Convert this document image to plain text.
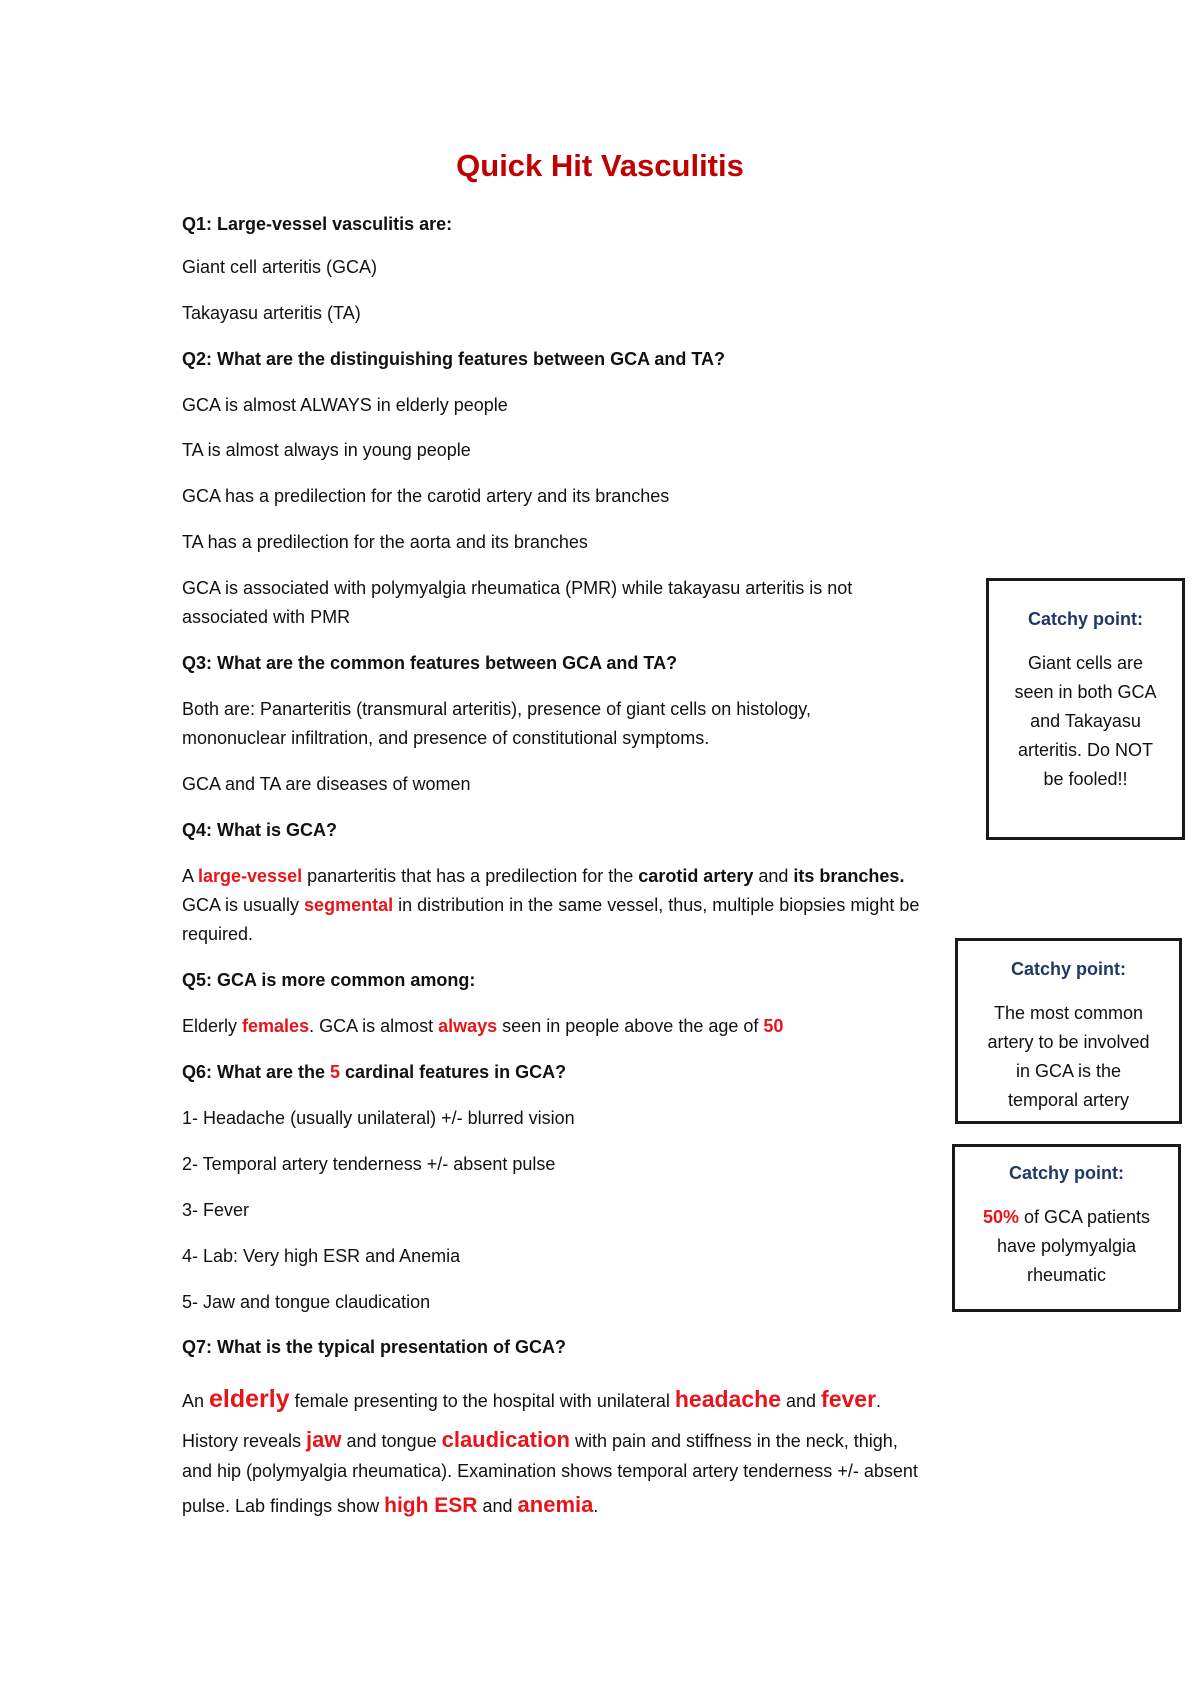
Quick Hit Vasculitis
Q1: Large-vessel vasculitis are:
Giant cell arteritis (GCA)
Takayasu arteritis (TA)
Q2: What are the distinguishing features between GCA and TA?
GCA is almost ALWAYS in elderly people
TA is almost always in young people
GCA has a predilection for the carotid artery and its branches
TA has a predilection for the aorta and its branches
GCA is associated with polymyalgia rheumatica (PMR) while takayasu arteritis is not
associated with PMR
Q3: What are the common features between GCA and TA?
Both are: Panarteritis (transmural arteritis), presence of giant cells on histology,
mononuclear infiltration, and presence of constitutional symptoms.
GCA and TA are diseases of women
Q4: What is GCA?
A large-vessel panarteritis that has a predilection for the carotid artery and its branches.
GCA is usually segmental in distribution in the same vessel, thus, multiple biopsies might be
required.
Q5: GCA is more common among:
Elderly females. GCA is almost always seen in people above the age of 50
Q6: What are the 5 cardinal features in GCA?
1- Headache (usually unilateral) +/- blurred vision
2- Temporal artery tenderness +/- absent pulse
3- Fever
4- Lab: Very high ESR and Anemia
5- Jaw and tongue claudication
Q7: What is the typical presentation of GCA?
An elderly female presenting to the hospital with unilateral headache and fever.
History reveals jaw and tongue claudication with pain and stiffness in the neck, thigh,
and hip (polymyalgia rheumatica). Examination shows temporal artery tenderness +/- absent
pulse. Lab findings show high ESR and anemia.
Catchy point:
Giant cells are
seen in both GCA
and Takayasu
arteritis. Do NOT
be fooled!!
Catchy point:
The most common
artery to be involved
in GCA is the
temporal artery
Catchy point:
50% of GCA patients
have polymyalgia
rheumatic
